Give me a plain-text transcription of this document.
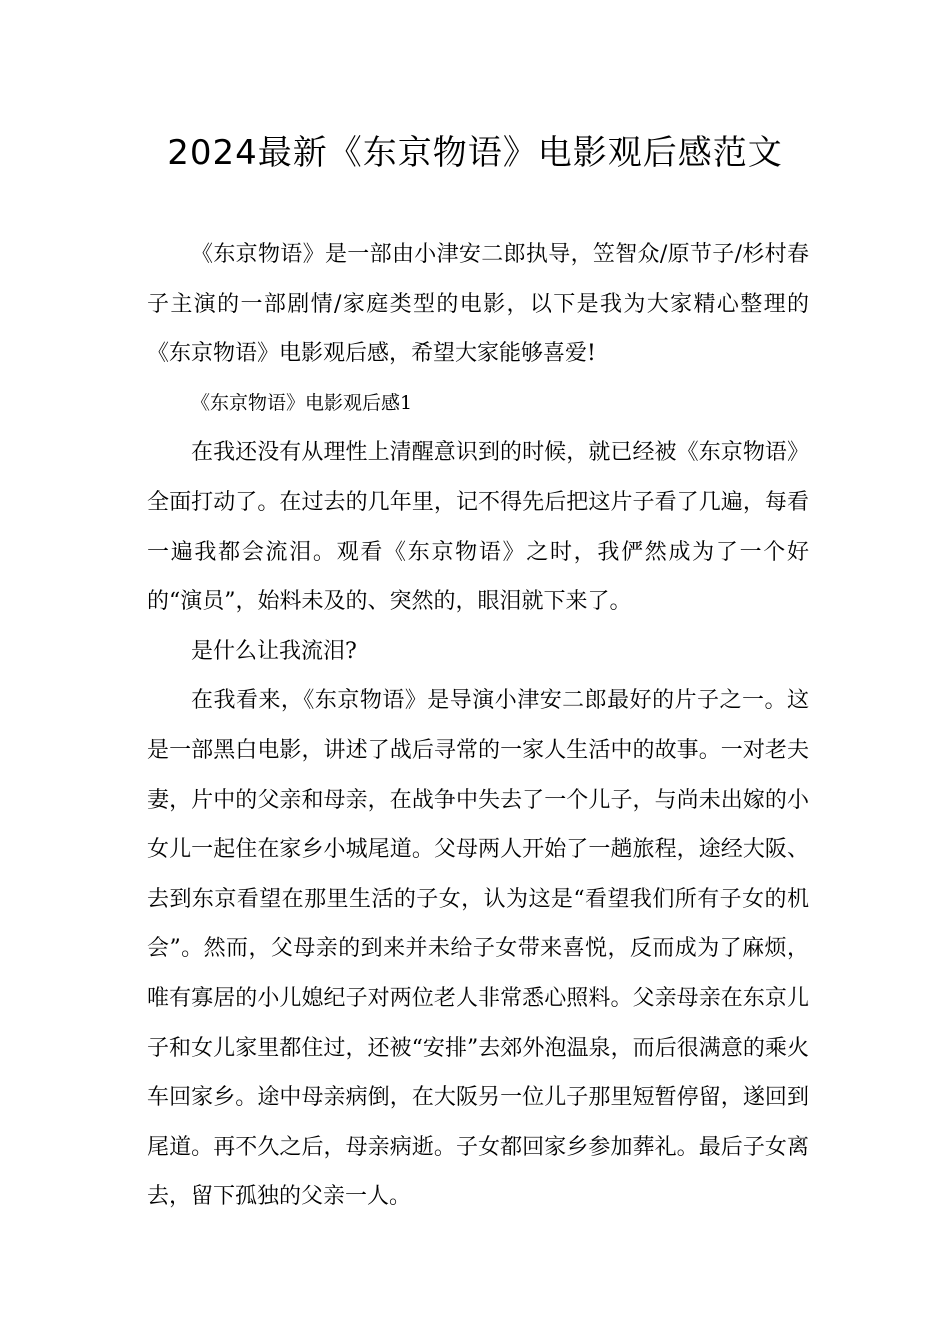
2024最新《东京物语》电影观后感范文

《东京物语》是一部由小津安二郎执导，笠智众/原节子/杉村春子主演的一部剧情/家庭类型的电影，以下是我为大家精心整理的《东京物语》电影观后感，希望大家能够喜爱!

《东京物语》电影观后感1

在我还没有从理性上清醒意识到的时候，就已经被《东京物语》全面打动了。在过去的几年里，记不得先后把这片子看了几遍，每看一遍我都会流泪。观看《东京物语》之时，我俨然成为了一个好的“演员”，始料未及的、突然的，眼泪就下来了。

是什么让我流泪?

在我看来，《东京物语》是导演小津安二郎最好的片子之一。这是一部黑白电影，讲述了战后寻常的一家人生活中的故事。一对老夫妻，片中的父亲和母亲，在战争中失去了一个儿子，与尚未出嫁的小女儿一起住在家乡小城尾道。父母两人开始了一趟旅程，途经大阪、去到东京看望在那里生活的子女，认为这是“看望我们所有子女的机会”。然而，父母亲的到来并未给子女带来喜悦，反而成为了麻烦，唯有寡居的小儿媳纪子对两位老人非常悉心照料。父亲母亲在东京儿子和女儿家里都住过，还被“安排”去郊外泡温泉，而后很满意的乘火车回家乡。途中母亲病倒，在大阪另一位儿子那里短暂停留，遂回到尾道。再不久之后，母亲病逝。子女都回家乡参加葬礼。最后子女离去，留下孤独的父亲一人。
